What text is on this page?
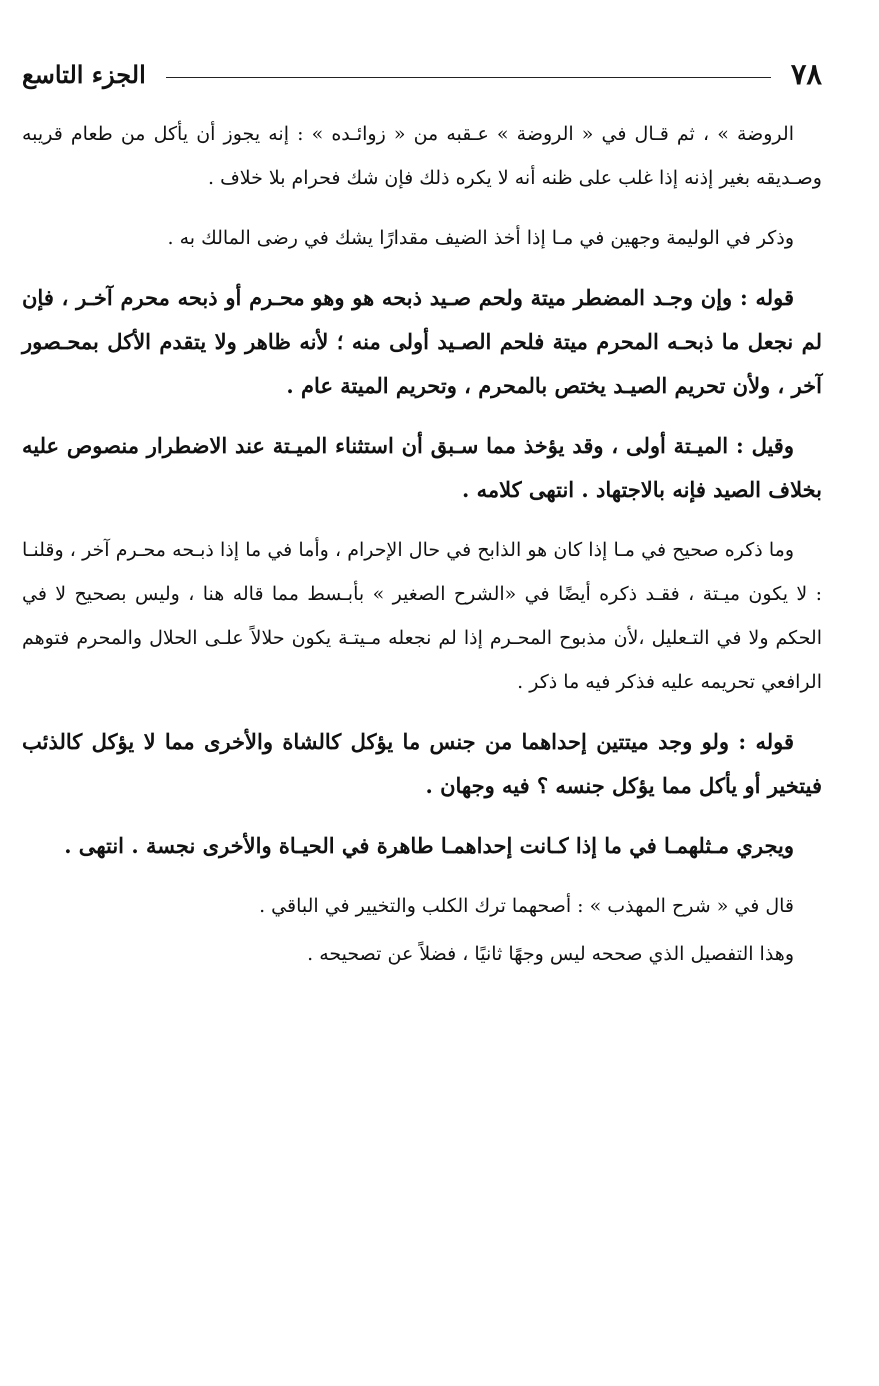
٧٨
الجزء التاسع

الروضة » ، ثم قـال في « الروضة » عـقبه من « زوائـده » : إنه يجوز أن يأكل من طعام قريبه وصـديقه بغير إذنه إذا غلب على ظنه أنه لا يكره ذلك فإن شك فحرام بلا خلاف .

وذكر في الوليمة وجهين في مـا إذا أخذ الضيف مقدارًا يشك في رضى المالك به .

قوله : وإن وجـد المضطر ميتة ولحم صـيد ذبحه هو وهو محـرم أو ذبحه محرم آخـر ، فإن لم نجعل ما ذبحـه المحرم ميتة فلحم الصـيد أولى منه ؛ لأنه ظاهر ولا يتقدم الأكل بمحـصور آخر ، ولأن تحريم الصيـد يختص بالمحرم ، وتحريم الميتة عام .

وقيل : الميـتة أولى ، وقد يؤخذ مما سـبق أن استثناء الميـتة عند الاضطرار منصوص عليه بخلاف الصيد فإنه بالاجتهاد . انتهى كلامه .

وما ذكره صحيح في مـا إذا كان هو الذابح في حال الإحرام ، وأما في ما إذا ذبـحه محـرم آخر ، وقلنـا : لا يكون ميـتة ، فقـد ذكره أيضًا في «الشرح الصغير » بأبـسط مما قاله هنا ، وليس بصحيح لا في الحكم ولا في التـعليل ،لأن مذبوح المحـرم إذا لم نجعله مـيتـة يكون حلالاً علـى الحلال والمحرم فتوهم الرافعي تحريمه عليه فذكر فيه ما ذكر .

قوله : ولو وجد ميتتين إحداهما من جنس ما يؤكل كالشاة والأخرى مما لا يؤكل كالذئب فيتخير أو يأكل مما يؤكل جنسه ؟ فيه وجهان .

ويجري مـثلهمـا في ما إذا كـانت إحداهمـا طاهرة في الحيـاة والأخرى نجسة . انتهى .

قال في « شرح المهذب » : أصحهما ترك الكلب والتخيير في الباقي .

وهذا التفصيل الذي صححه ليس وجهًا ثانيًا ، فضلاً عن تصحيحه .
